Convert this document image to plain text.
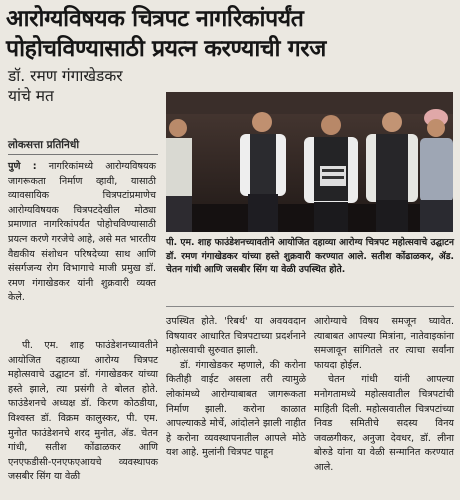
आरोग्यविषयक चित्रपट नागरिकांपर्यंत
पोहोचविण्यासाठी प्रयत्न करण्याची गरज
डॉ. रमण गंगाखेडकर
यांचे मत
लोकसत्ता प्रतिनिधी

पुणे : नागरिकांमध्ये आरोग्यविषयक जागरूकता निर्माण व्हावी, यासाठी व्यावसायिक चित्रपटांप्रमाणेच आरोग्यविषयक चित्रपटदेखील मोठ्या प्रमाणात नागरिकांपर्यंत पोहोचविण्यासाठी प्रयत्न करणे गरजेचे आहे, असे मत भारतीय वैद्यकीय संशोधन परिषदेच्या साथ आणि संसर्गजन्य रोग विभागाचे माजी प्रमुख डॉ. रमण गंगाखेडकर यांनी शुक्रवारी व्यक्त केले.

पी. एम. शाह फाउंडेशनच्यावतीने आयोजित दहाव्या आरोग्य चित्रपट महोत्सवाचे उद्घाटन डॉ. गंगाखेडकर यांच्या हस्ते झाले, त्या प्रसंगी ते बोलत होते. फाउंडेशनचे अध्यक्ष डॉ. किरण कोठडीया, विश्वस्त डॉ. विक्रम कालुस्कर, पी. एम. मुनोत फाउंडेशनचे शरद मुनोत, ॲड. चेतन गांधी, सतीश कोंढाळकर आणि एनएफडीसी-एनएफएआयचे व्यवस्थापक जसबीर सिंग या वेळी

पी. एम. शाह फाउंडेशनच्यावतीने आयोजित दहाव्या आरोग्य चित्रपट महोत्सवाचे उद्घाटन डॉ. रमण गंगाखेडकर यांच्या हस्ते शुक्रवारी करण्यात आले. सतीश कोंढाळकर, ॲड. चेतन गांधी आणि जसबीर सिंग या वेळी उपस्थित होते.

उपस्थित होते. 'रिबर्थ' या अवयवदान विषयावर आधारित चित्रपटाच्या प्रदर्शनाने महोत्सवाची सुरुवात झाली.

डॉ. गंगाखेडकर म्हणाले, की करोना कितीही वाईट असला तरी त्यामुळे लोकांमध्ये आरोग्याबाबत जागरूकता निर्माण झाली. करोना काळात आपल्याकडे मोर्चे, आंदोलने झाली नाहीत हे करोना व्यवस्थापनातील आपले मोठे यश आहे. मुलांनी चित्रपट पाहून

आरोग्याचे विषय समजून घ्यावेत. त्याबाबत आपल्या मित्रांना, नातेवाइकांना समजावून सांगितले तर त्याचा सर्वांना फायदा होईल.

चेतन गांधी यांनी आपल्या मनोगतामध्ये महोत्सवातील चित्रपटांची माहिती दिली. महोत्सवातील चित्रपटांच्या निवड समितीचे सदस्य विनय जवळगीकर, अनुजा देवधर, डॉ. लीना बोरुडे यांना या वेळी सन्मानित करण्यात आले.
